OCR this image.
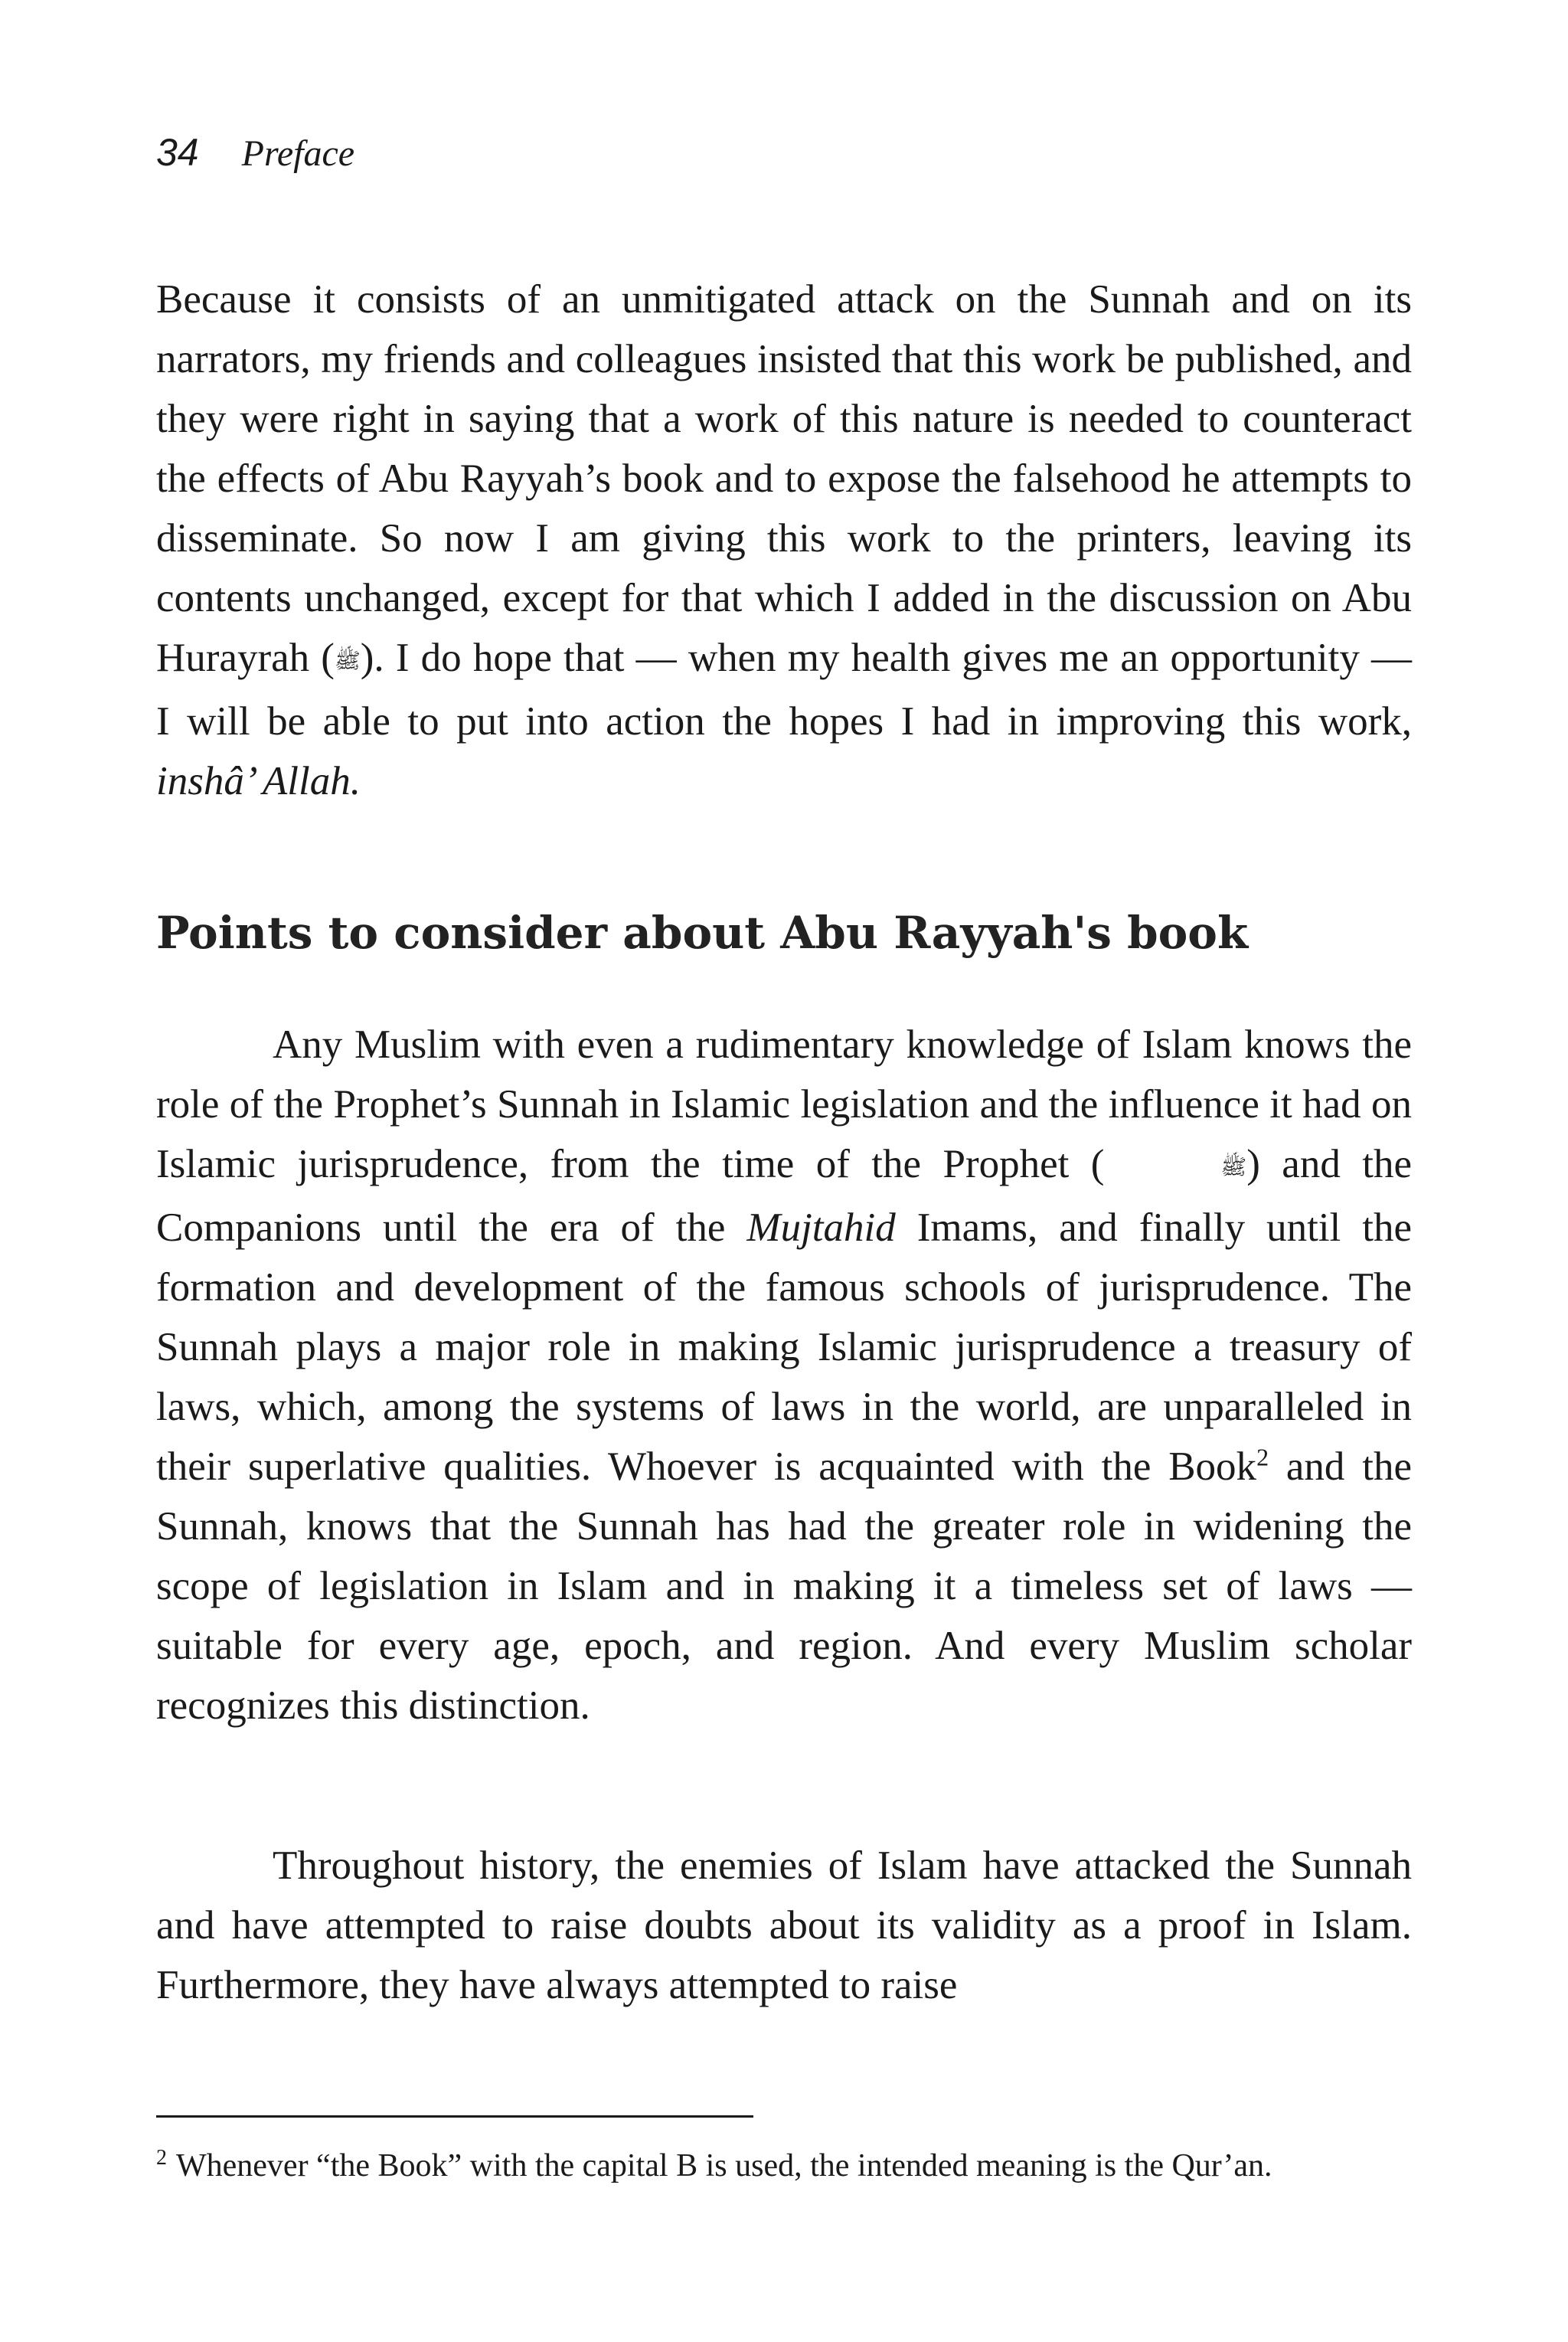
34 Preface
Because it consists of an unmitigated attack on the Sunnah and on its narrators, my friends and colleagues insisted that this work be published, and they were right in saying that a work of this nature is needed to counteract the effects of Abu Rayyah’s book and to expose the falsehood he attempts to disseminate. So now I am giving this work to the printers, leaving its contents unchanged, except for that which I added in the discussion on Abu Hurayrah (ﷺ). I do hope that — when my health gives me an opportunity — I will be able to put into action the hopes I had in improving this work, inshâ’ Allah.
Points to consider about Abu Rayyah's book
Any Muslim with even a rudimentary knowledge of Islam knows the role of the Prophet’s Sunnah in Islamic legislation and the influence it had on Islamic jurisprudence, from the time of the Prophet (	ﷺ) and the Companions until the era of the Mujtahid Imams, and finally until the formation and development of the famous schools of jurisprudence. The Sunnah plays a major role in making Islamic jurisprudence a treasury of laws, which, among the systems of laws in the world, are unparalleled in their superlative qualities. Whoever is acquainted with the Book$^2$ and the Sunnah, knows that the Sunnah has had the greater role in widening the scope of legislation in Islam and in making it a timeless set of laws — suitable for every age, epoch, and region. And every Muslim scholar recognizes this distinction.
Throughout history, the enemies of Islam have attacked the Sunnah and have attempted to raise doubts about its validity as a proof in Islam. Furthermore, they have always attempted to raise
$^2$ Whenever “the Book” with the capital B is used, the intended meaning is the Qur’an.
